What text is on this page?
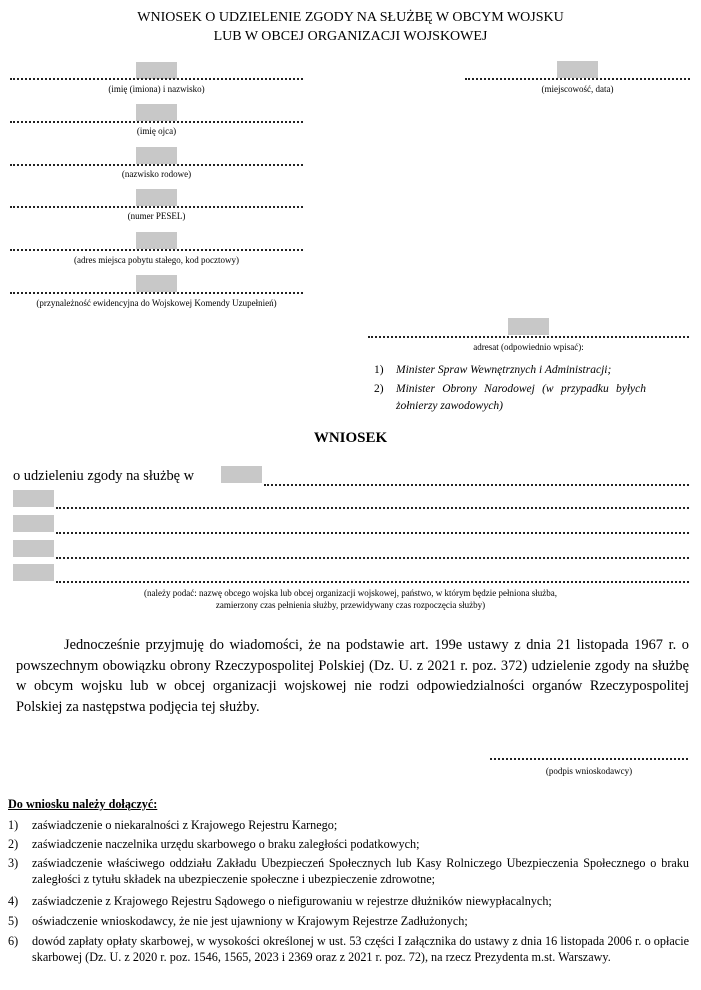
WNIOSEK O UDZIELENIE ZGODY NA SŁUŻBĘ W OBCYM WOJSKU
LUB W OBCEJ ORGANIZACJI WOJSKOWEJ
(imię (imiona) i nazwisko)
(imię ojca)
(nazwisko rodowe)
(numer PESEL)
(adres miejsca pobytu stałego, kod pocztowy)
(przynależność ewidencyjna do Wojskowej Komendy Uzupełnień)
(miejscowość, data)
adresat (odpowiednio wpisać):
1) Minister Spraw Wewnętrznych i Administracji;
2) Minister Obrony Narodowej (w przypadku byłych żołnierzy zawodowych)
WNIOSEK
o udzieleniu zgody na służbę w
(należy podać: nazwę obcego wojska lub obcej organizacji wojskowej, państwo, w którym będzie pełniona służba,
zamierzony czas pełnienia służby, przewidywany czas rozpoczęcia służby)
Jednocześnie przyjmuję do wiadomości, że na podstawie art. 199e ustawy z dnia 21 listopada 1967 r. o powszechnym obowiązku obrony Rzeczypospolitej Polskiej (Dz. U. z 2021 r. poz. 372) udzielenie zgody na służbę w obcym wojsku lub w obcej organizacji wojskowej nie rodzi odpowiedzialności organów Rzeczypospolitej Polskiej za następstwa podjęcia tej służby.
(podpis wnioskodawcy)
Do wniosku należy dołączyć:
1) zaświadczenie o niekaralności z Krajowego Rejestru Karnego;
2) zaświadczenie naczelnika urzędu skarbowego o braku zaległości podatkowych;
3) zaświadczenie właściwego oddziału Zakładu Ubezpieczeń Społecznych lub Kasy Rolniczego Ubezpieczenia Społecznego o braku zaległości z tytułu składek na ubezpieczenie społeczne i ubezpieczenie zdrowotne;
4) zaświadczenie z Krajowego Rejestru Sądowego o niefigurowaniu w rejestrze dłużników niewypłacalnych;
5) oświadczenie wnioskodawcy, że nie jest ujawniony w Krajowym Rejestrze Zadłużonych;
6) dowód zapłaty opłaty skarbowej, w wysokości określonej w ust. 53 części I załącznika do ustawy z dnia 16 listopada 2006 r. o opłacie skarbowej (Dz. U. z 2020 r. poz. 1546, 1565, 2023 i 2369 oraz z 2021 r. poz. 72), na rzecz Prezydenta m.st. Warszawy.
